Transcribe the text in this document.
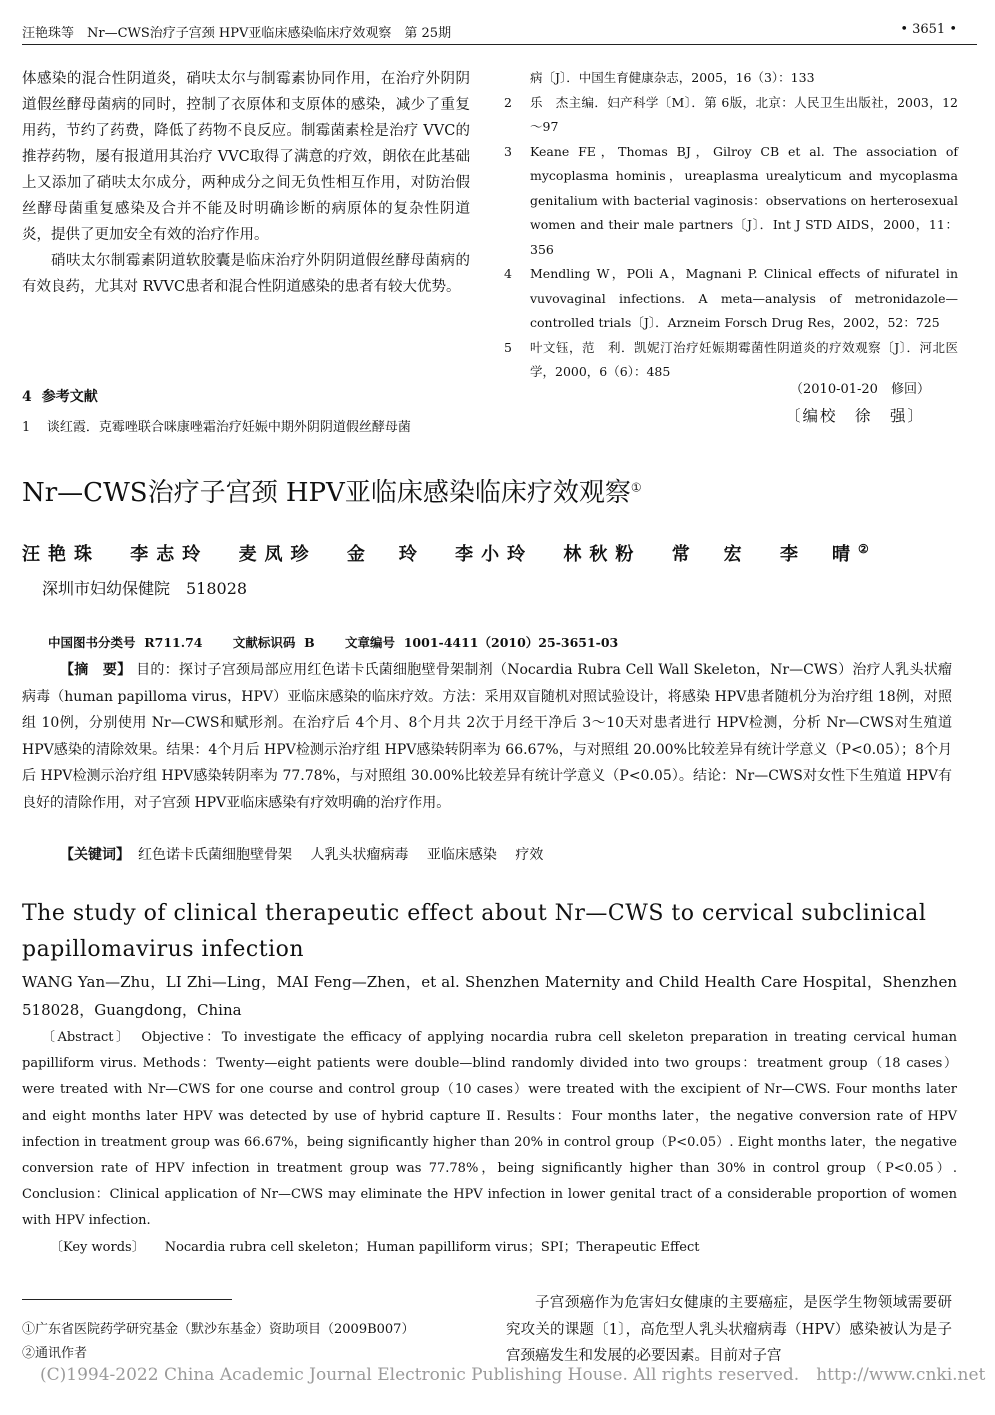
汪艳珠等　Nr—CWS治疗子宫颈 HPV亚临床感染临床疗效观察　第 25期	• 3651 •

体感染的混合性阴道炎，硝呋太尔与制霉素协同作用，在治疗外阴阴道假丝酵母菌病的同时，控制了衣原体和支原体的感染，减少了重复用药，节约了药费，降低了药物不良反应。制霉菌素栓是治疗 VVC的推荐药物，屡有报道用其治疗 VVC取得了满意的疗效，朗依在此基础上又添加了硝呋太尔成分，两种成分之间无负性相互作用，对防治假丝酵母菌重复感染及合并不能及时明确诊断的病原体的复杂性阴道炎，提供了更加安全有效的治疗作用。

硝呋太尔制霉素阴道软胶囊是临床治疗外阴阴道假丝酵母菌病的有效良药，尤其对 RVVC患者和混合性阴道感染的患者有较大优势。

4 参考文献
1 谈红霞．克霉唑联合咪康唑霜治疗妊娠中期外阴阴道假丝酵母菌
病〔J〕．中国生育健康杂志，2005，16（3）：133
2 乐　杰主编．妇产科学〔M〕．第 6版，北京：人民卫生出版社，2003，12～97
3 Keane FE，Thomas BJ，Gilroy CB et al. The association of mycoplasma hominis，ureaplasma urealyticum and mycoplasma genitalium with bacterial vaginosis：observations on herterosexual women and their male partners〔J〕．Int J STD AIDS，2000，11：356
4 Mendling W，POli A，Magnani P. Clinical effects of nifuratel in vuvovaginal infections. A meta—analysis of metronidazole—controlled trials〔J〕．Arzneim Forsch Drug Res，2002，52：725
5 叶文钰，范　利．凯妮汀治疗妊娠期霉菌性阴道炎的疗效观察〔J〕．河北医学，2000，6（6）：485
（2010-01-20　修回）
〔编校　徐　强〕
Nr—CWS治疗子宫颈 HPV亚临床感染临床疗效观察①
汪艳珠 李志玲 麦凤珍 金　玲 李小玲 林秋粉 常　宏 李　晴②
深圳市妇幼保健院　518028
中国图书分类号 R711.74 文献标识码 B 文章编号 1001-4411（2010）25-3651-03
【摘　要】 目的：探讨子宫颈局部应用红色诺卡氏菌细胞壁骨架制剂（Nocardia Rubra Cell Wall Skeleton，Nr—CWS）治疗人乳头状瘤病毒（human papilloma virus，HPV）亚临床感染的临床疗效。方法：采用双盲随机对照试验设计，将感染 HPV患者随机分为治疗组 18例，对照组 10例，分别使用 Nr—CWS和赋形剂。在治疗后 4个月、8个月共 2次于月经干净后 3～10天对患者进行 HPV检测，分析 Nr—CWS对生殖道 HPV感染的清除效果。结果：4个月后 HPV检测示治疗组 HPV感染转阴率为 66.67%，与对照组 20.00%比较差异有统计学意义（P<0.05）；8个月后 HPV检测示治疗组 HPV感染转阴率为 77.78%，与对照组 30.00%比较差异有统计学意义（P<0.05）。结论：Nr—CWS对女性下生殖道 HPV有良好的清除作用，对子宫颈 HPV亚临床感染有疗效明确的治疗作用。
【关键词】 红色诺卡氏菌细胞壁骨架 人乳头状瘤病毒 亚临床感染 疗效
The study of clinical therapeutic effect about Nr—CWS to cervical subclinical papillomavirus infection
WANG Yan—Zhu，LI Zhi—Ling，MAI Feng—Zhen，et al. Shenzhen Maternity and Child Health Care Hospital，Shenzhen 518028，Guangdong，China
〔Abstract〕 Objective：To investigate the efficacy of applying nocardia rubra cell skeleton preparation in treating cervical human papilliform virus. Methods：Twenty—eight patients were double—blind randomly divided into two groups：treatment group（18 cases）were treated with Nr—CWS for one course and control group（10 cases）were treated with the excipient of Nr—CWS. Four months later and eight months later HPV was detected by use of hybrid capture Ⅱ. Results：Four months later，the negative conversion rate of HPV infection in treatment group was 66.67%，being significantly higher than 20% in control group（P<0.05）. Eight months later，the negative conversion rate of HPV infection in treatment group was 77.78%，being significantly higher than 30% in control group（P<0.05）. Conclusion：Clinical application of Nr—CWS may eliminate the HPV infection in lower genital tract of a considerable proportion of women with HPV infection.
〔Key words〕 Nocardia rubra cell skeleton；Human papilliform virus；SPI；Therapeutic Effect
①广东省医院药学研究基金（默沙东基金）资助项目（2009B007）
②通讯作者

子宫颈癌作为危害妇女健康的主要癌症，是医学生物领域需要研究攻关的课题〔1〕，高危型人乳头状瘤病毒（HPV）感染被认为是子宫颈癌发生和发展的必要因素。目前对子宫

(C)1994-2022 China Academic Journal Electronic Publishing House. All rights reserved.　http://www.cnki.net
